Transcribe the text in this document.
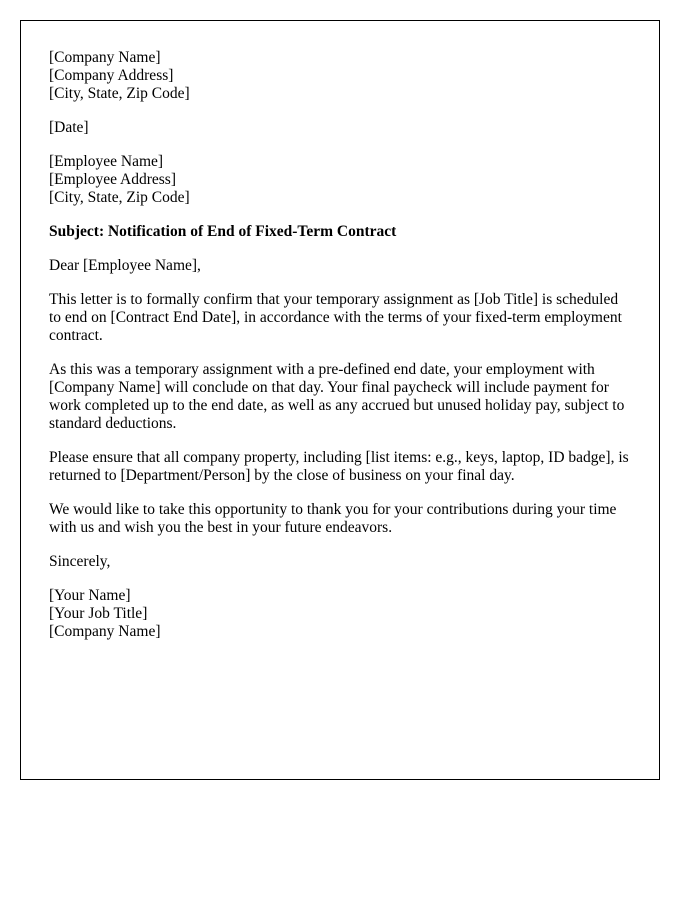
[Company Name]
[Company Address]
[City, State, Zip Code]
[Date]
[Employee Name]
[Employee Address]
[City, State, Zip Code]
Subject: Notification of End of Fixed-Term Contract

Dear [Employee Name],

This letter is to formally confirm that your temporary assignment as [Job Title] is scheduled to end on [Contract End Date], in accordance with the terms of your fixed-term employment contract.

As this was a temporary assignment with a pre-defined end date, your employment with [Company Name] will conclude on that day. Your final paycheck will include payment for work completed up to the end date, as well as any accrued but unused holiday pay, subject to standard deductions.

Please ensure that all company property, including [list items: e.g., keys, laptop, ID badge], is returned to [Department/Person] by the close of business on your final day.

We would like to take this opportunity to thank you for your contributions during your time with us and wish you the best in your future endeavors.

Sincerely,

[Your Name]
[Your Job Title]
[Company Name]
